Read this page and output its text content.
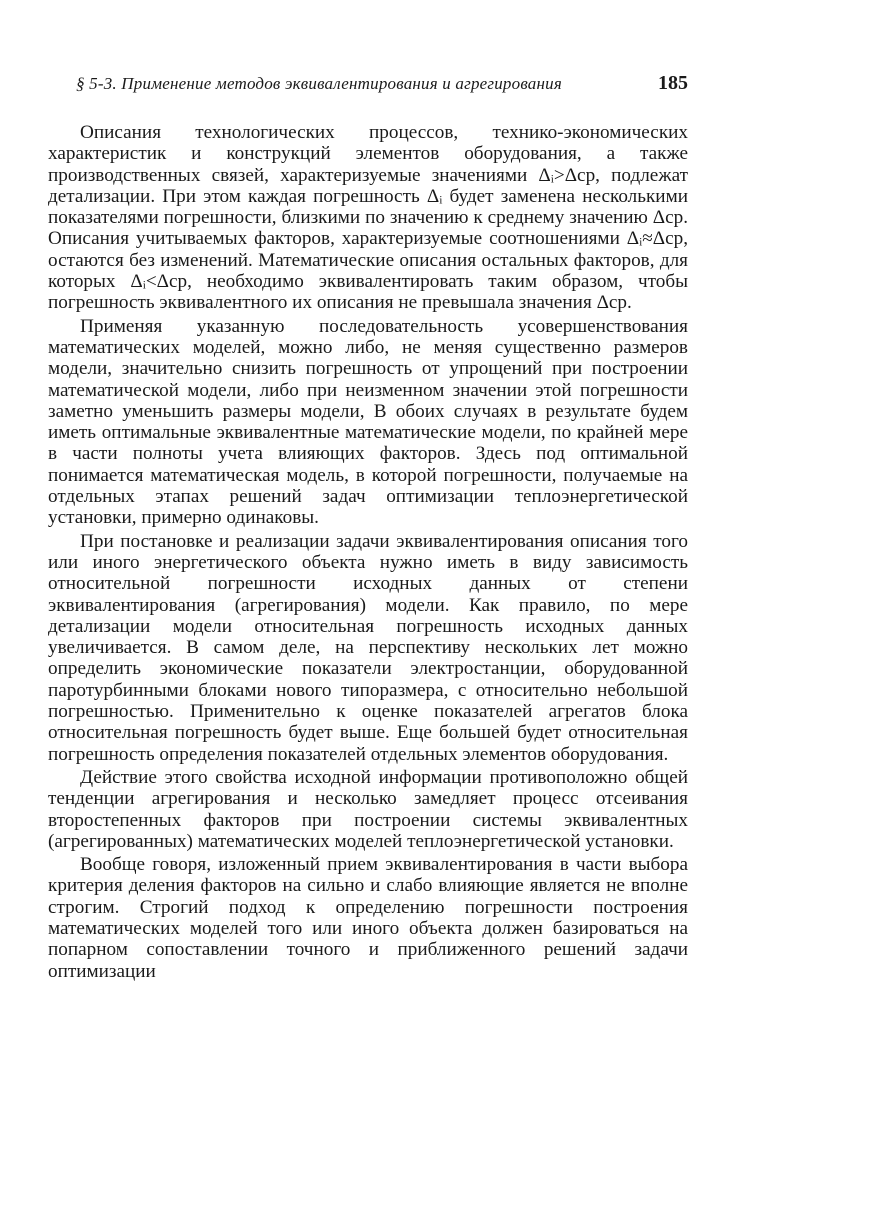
§ 5-3. Применение методов эквивалентирования и агрегирования	185

Описания технологических процессов, технико-экономических характеристик и конструкций элементов оборудования, а также производственных связей, характеризуемые значениями Δᵢ>Δср, подлежат детализации. При этом каждая погрешность Δᵢ будет заменена несколькими показателями погрешности, близкими по значению к среднему значению Δср. Описания учитываемых факторов, характеризуемые соотношениями Δᵢ≈Δср, остаются без изменений. Математические описания остальных факторов, для которых Δᵢ<Δср, необходимо эквивалентировать таким образом, чтобы погрешность эквивалентного их описания не превышала значения Δср.

Применяя указанную последовательность усовершенствования математических моделей, можно либо, не меняя существенно размеров модели, значительно снизить погрешность от упрощений при построении математической модели, либо при неизменном значении этой погрешности заметно уменьшить размеры модели, В обоих случаях в результате будем иметь оптимальные эквивалентные математические модели, по крайней мере в части полноты учета влияющих факторов. Здесь под оптимальной понимается математическая модель, в которой погрешности, получаемые на отдельных этапах решений задач оптимизации теплоэнергетической установки, примерно одинаковы.

При постановке и реализации задачи эквивалентирования описания того или иного энергетического объекта нужно иметь в виду зависимость относительной погрешности исходных данных от степени эквивалентирования (агрегирования) модели. Как правило, по мере детализации модели относительная погрешность исходных данных увеличивается. В самом деле, на перспективу нескольких лет можно определить экономические показатели электростанции, оборудованной паротурбинными блоками нового типоразмера, с относительно небольшой погрешностью. Применительно к оценке показателей агрегатов блока относительная погрешность будет выше. Еще большей будет относительная погрешность определения показателей отдельных элементов оборудования.

Действие этого свойства исходной информации противоположно общей тенденции агрегирования и несколько замедляет процесс отсеивания второстепенных факторов при построении системы эквивалентных (агрегированных) математических моделей теплоэнергетической установки.

Вообще говоря, изложенный прием эквивалентирования в части выбора критерия деления факторов на сильно и слабо влияющие является не вполне строгим. Строгий подход к определению погрешности построения математических моделей того или иного объекта должен базироваться на попарном сопоставлении точного и приближенного решений задачи оптимизации
